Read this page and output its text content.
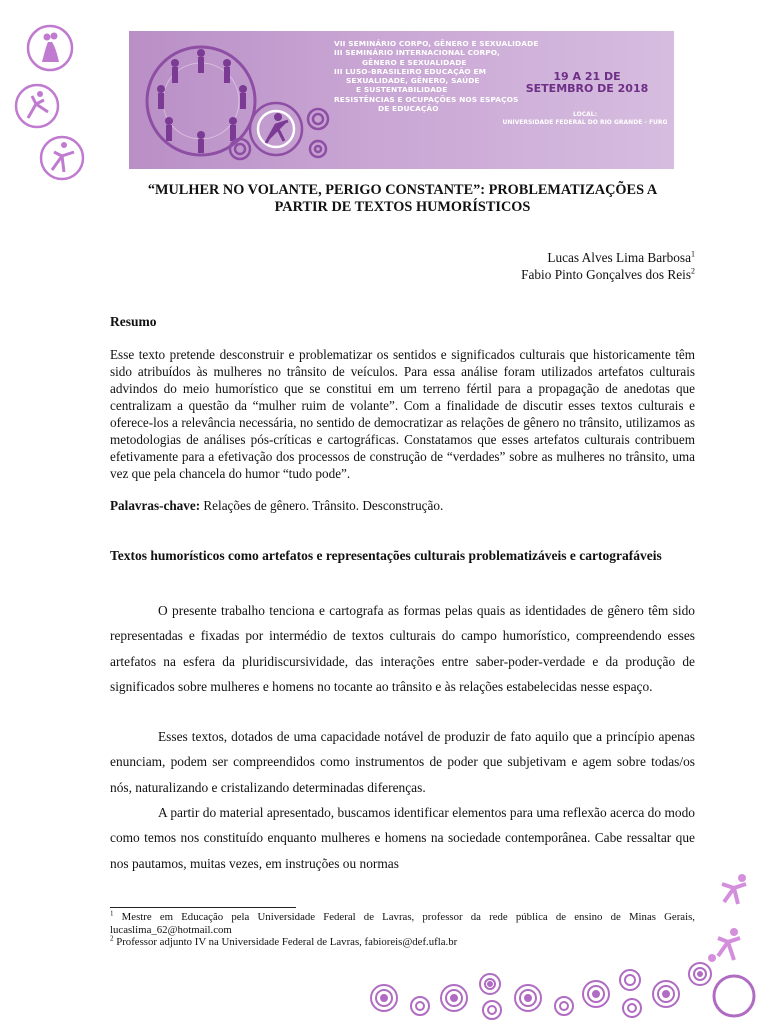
VII SEMINÁRIO CORPO, GÊNERO E SEXUALIDADE
III SEMINÁRIO INTERNACIONAL CORPO,
GÊNERO E SEXUALIDADE
III LUSO-BRASILEIRO EDUCAÇÃO EM
SEXUALIDADE, GÊNERO, SAÚDE
E SUSTENTABILIDADE
RESISTÊNCIAS E OCUPAÇÕES NOS ESPAÇOS
DE EDUCAÇÃO
19 A 21 DE
SETEMBRO DE 2018
LOCAL:
UNIVERSIDADE FEDERAL DO RIO GRANDE - FURG
“MULHER NO VOLANTE, PERIGO CONSTANTE”: PROBLEMATIZAÇÕES A
PARTIR DE TEXTOS HUMORÍSTICOS
Lucas Alves Lima Barbosa$^1$
Fabio Pinto Gonçalves dos Reis$^2$
Resumo
Esse texto pretende desconstruir e problematizar os sentidos e significados culturais que historicamente têm sido atribuídos às mulheres no trânsito de veículos. Para essa análise foram utilizados artefatos culturais advindos do meio humorístico que se constitui em um terreno fértil para a propagação de anedotas que centralizam a questão da “mulher ruim de volante”. Com a finalidade de discutir esses textos culturais e oferece-los a relevância necessária, no sentido de democratizar as relações de gênero no trânsito, utilizamos as metodologias de análises pós-críticas e cartográficas. Constatamos que esses artefatos culturais contribuem efetivamente para a efetivação dos processos de construção de “verdades” sobre as mulheres no trânsito, uma vez que pela chancela do humor “tudo pode”.
Palavras-chave: Relações de gênero. Trânsito. Desconstrução.
Textos humorísticos como artefatos e representações culturais problematizáveis e cartografáveis
O presente trabalho tenciona e cartografa as formas pelas quais as identidades de gênero têm sido representadas e fixadas por intermédio de textos culturais do campo humorístico, compreendendo esses artefatos na esfera da pluridiscursividade, das interações entre saber-poder-verdade e da produção de significados sobre mulheres e homens no tocante ao trânsito e às relações estabelecidas nesse espaço.
Esses textos, dotados de uma capacidade notável de produzir de fato aquilo que a princípio apenas enunciam, podem ser compreendidos como instrumentos de poder que subjetivam e agem sobre todas/os nós, naturalizando e cristalizando determinadas diferenças.
A partir do material apresentado, buscamos identificar elementos para uma reflexão acerca do modo como temos nos constituído enquanto mulheres e homens na sociedade contemporânea. Cabe ressaltar que nos pautamos, muitas vezes, em instruções ou normas

$^1$ Mestre em Educação pela Universidade Federal de Lavras, professor da rede pública de ensino de Minas Gerais, lucaslima_62@hotmail.com

$^2$ Professor adjunto IV na Universidade Federal de Lavras, fabioreis@def.ufla.br
